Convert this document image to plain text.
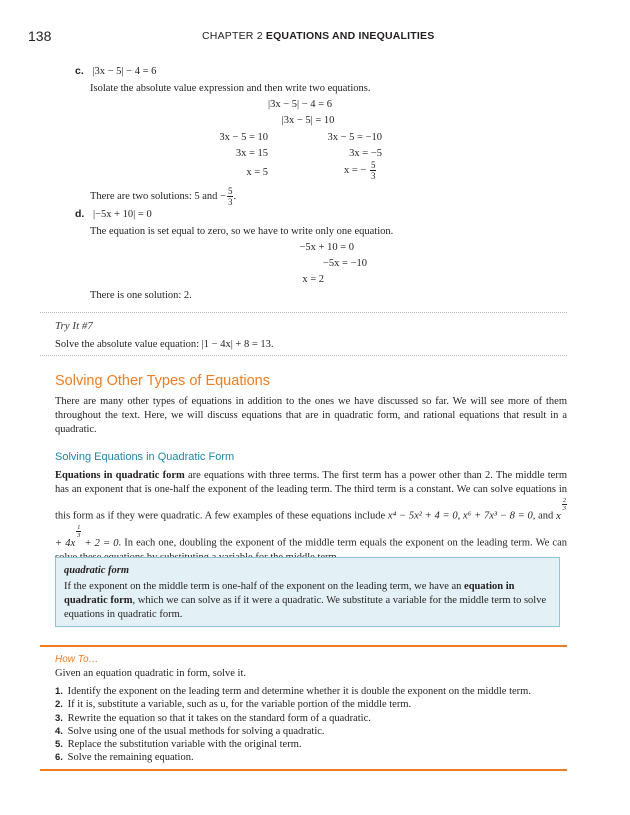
138	CHAPTER 2 EQUATIONS AND INEQUALITIES
c. |3x − 5| − 4 = 6
Isolate the absolute value expression and then write two equations.
|3x − 5| − 4 = 6
|3x − 5| = 10
3x − 5 = 10
3x = 15
x = 5
3x − 5 = −10
3x = −5
x = − $\frac{5}{3}$
There are two solutions: 5 and − $\frac{5}{3}$ .
d. |−5x + 10| = 0
The equation is set equal to zero, so we have to write only one equation.
−5x + 10 = 0
−5x = −10
x = 2
There is one solution: 2.
Try It #7
Solve the absolute value equation: |1 − 4x| + 8 = 13.
Solving Other Types of Equations
There are many other types of equations in addition to the ones we have discussed so far. We will see more of them throughout the text. Here, we will discuss equations that are in quadratic form, and rational equations that result in a quadratic.
Solving Equations in Quadratic Form
Equations in quadratic form are equations with three terms. The first term has a power other than 2. The middle term has an exponent that is one-half the exponent of the leading term. The third term is a constant. We can solve equations in this form as if they were quadratic. A few examples of these equations include x⁴ − 5x² + 4 = 0, x⁶ + 7x³ − 8 = 0, and x
$^{\frac{2}{3}}$
+ 4x
$^{\frac{1}{3}}$
+ 2 = 0. In each one, doubling the exponent of the middle term equals the exponent on the leading term. We can
quadratic form
If the exponent on the middle term is one-half of the exponent on the leading term, we have an equation in quadratic form, which we can solve as if it were a quadratic. We substitute a variable for the middle term to solve equations in quadratic form.
How To…
Given an equation quadratic in form, solve it.
1. Identify the exponent on the leading term and determine whether it is double the exponent on the middle term.
2. If it is, substitute a variable, such as u, for the variable portion of the middle term.
3. Rewrite the equation so that it takes on the standard form of a quadratic.
4. Solve using one of the usual methods for solving a quadratic.
5. Replace the substitution variable with the original term.
6. Solve the remaining equation.
